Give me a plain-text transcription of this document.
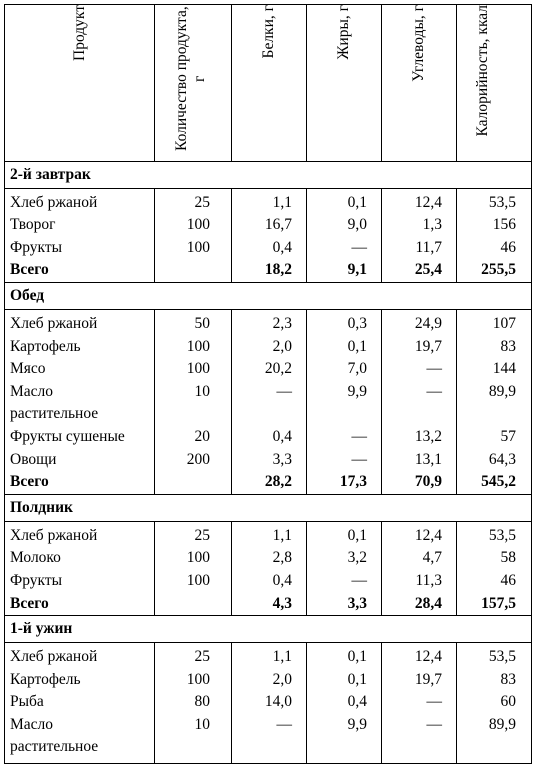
Продукт	Количество продукта, г	Белки, г	Жиры, г	Углеводы, г	Калорийность, ккал
2-й завтрак					
Хлеб ржаной	25	1,1	0,1	12,4	53,5
Творог	100	16,7	9,0	1,3	156
Фрукты	100	0,4	—	11,7	46
Всего		18,2	9,1	25,4	255,5
Обед					
Хлеб ржаной	50	2,3	0,3	24,9	107
Картофель	100	2,0	0,1	19,7	83
Мясо	100	20,2	7,0	—	144
Масло растительное	10	—	9,9	—	89,9
Фрукты сушеные	20	0,4	—	13,2	57
Овощи	200	3,3	—	13,1	64,3
Всего		28,2	17,3	70,9	545,2
Полдник					
Хлеб ржаной	25	1,1	0,1	12,4	53,5
Молоко	100	2,8	3,2	4,7	58
Фрукты	100	0,4	—	11,3	46
Всего		4,3	3,3	28,4	157,5
1-й ужин					
Хлеб ржаной	25	1,1	0,1	12,4	53,5
Картофель	100	2,0	0,1	19,7	83
Рыба	80	14,0	0,4	—	60
Масло растительное	10	—	9,9	—	89,9
